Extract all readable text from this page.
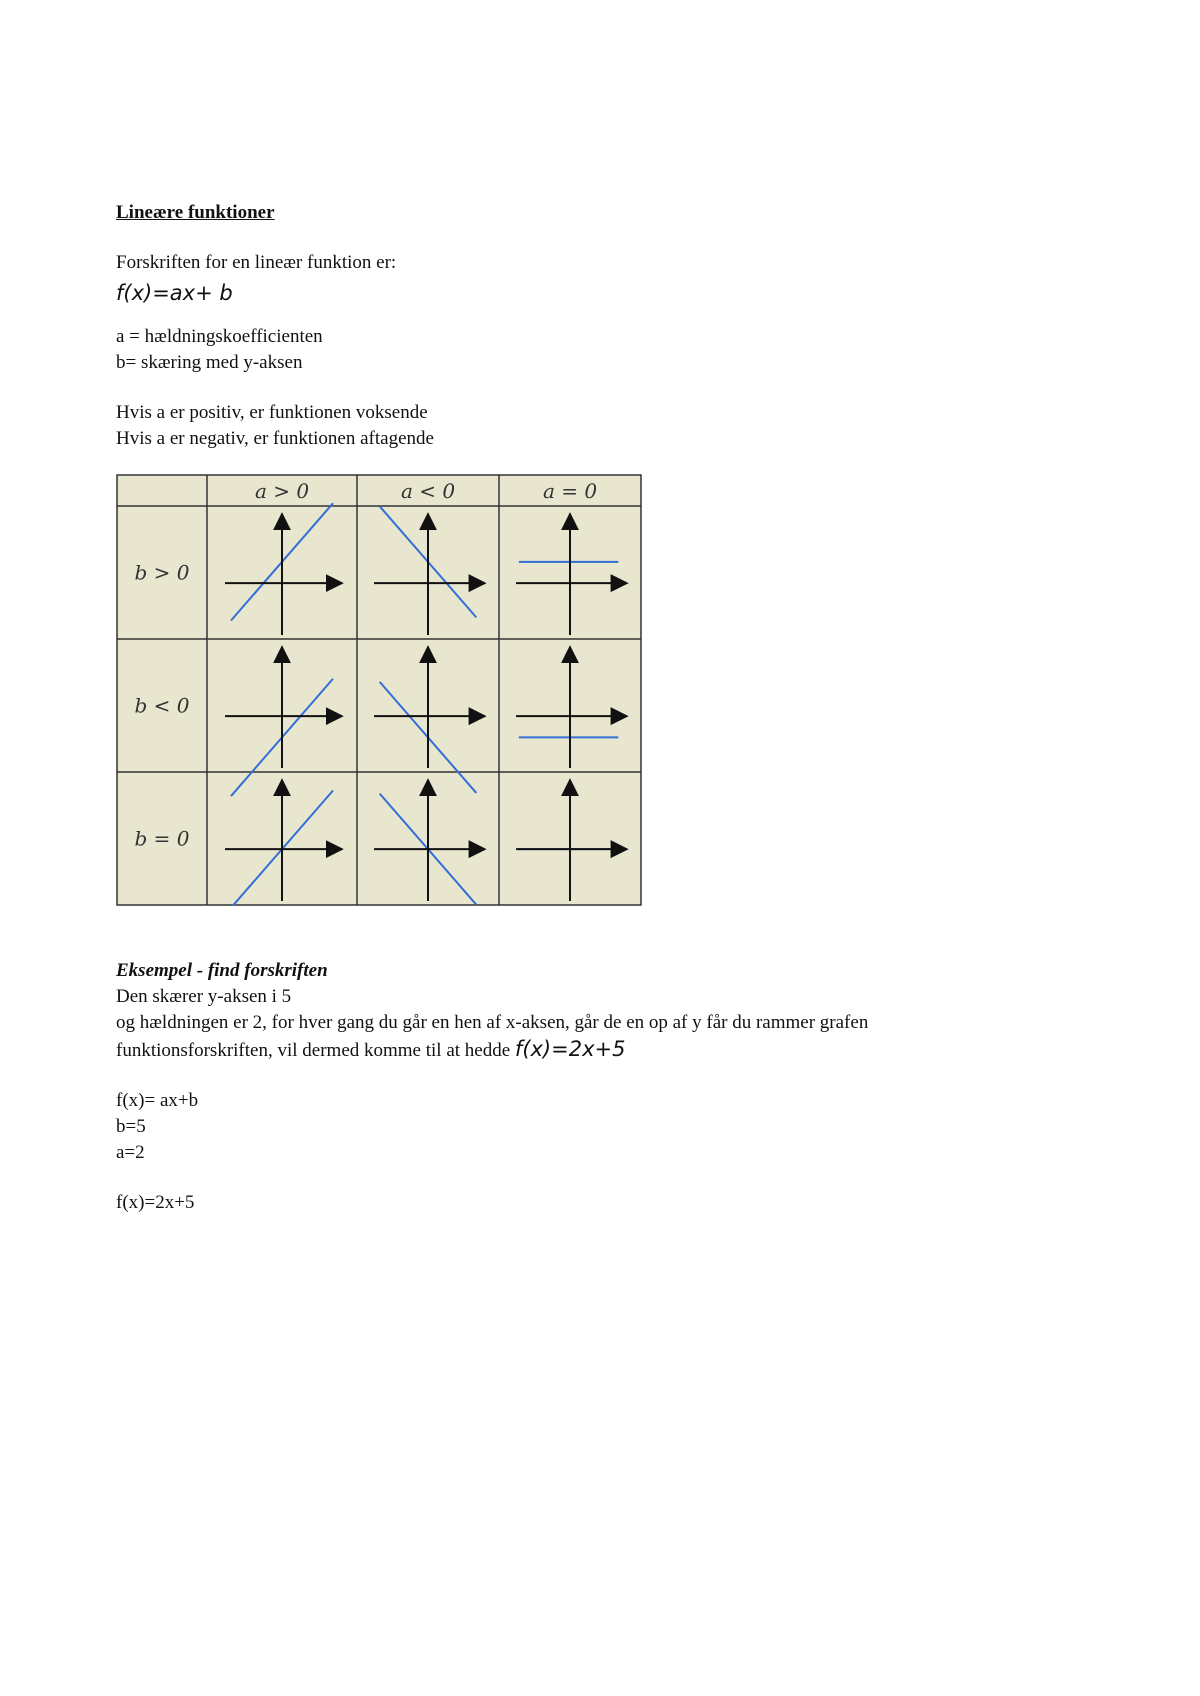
Lineære funktioner
Forskriften for en lineær funktion er:
f(x)=ax+ b
a = hældningskoefficienten
b= skæring med y-aksen
Hvis a er positiv, er funktionen voksende
Hvis a er negativ, er funktionen aftagende
a > 0	a < 0	a = 0
b > 0
b < 0
b = 0
Eksempel - find forskriften
Den skærer y-aksen i 5
og hældningen er 2, for hver gang du går en hen af x-aksen, går de en op af y får du rammer grafen
funktionsforskriften, vil dermed komme til at hedde f(x)=2x+5
f(x)= ax+b
b=5
a=2
f(x)=2x+5
